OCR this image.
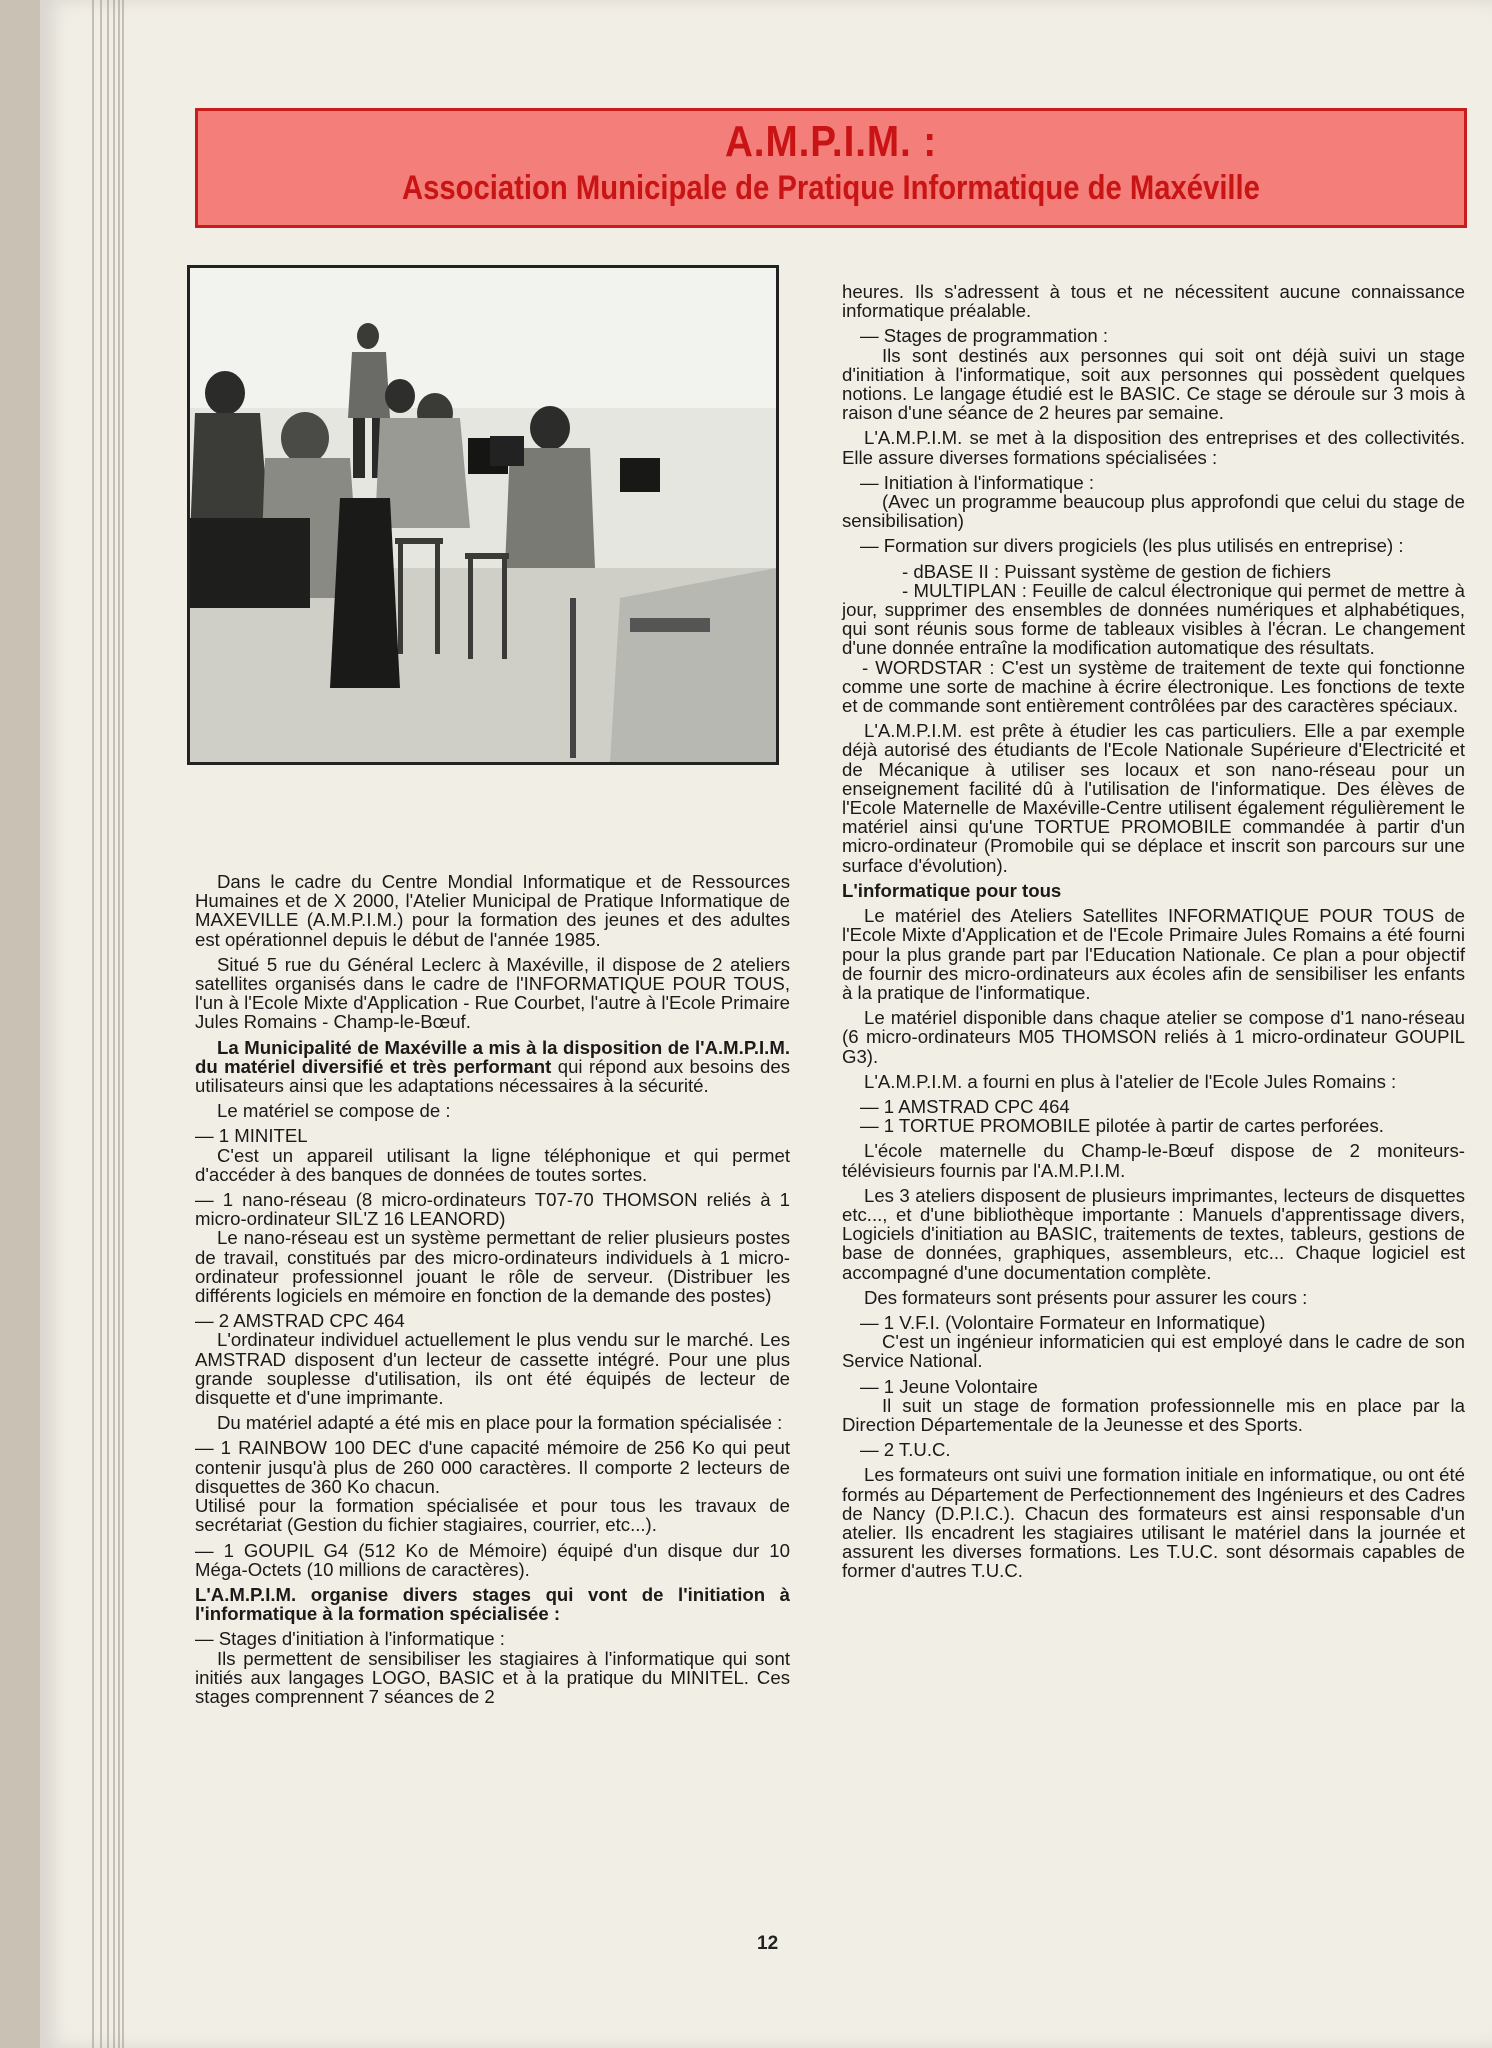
A.M.P.I.M. :
Association Municipale de Pratique Informatique de Maxéville

Dans le cadre du Centre Mondial Informatique et de Ressources Humaines et de X 2000, l'Atelier Municipal de Pratique Informatique de MAXEVILLE (A.M.P.I.M.) pour la formation des jeunes et des adultes est opérationnel depuis le début de l'année 1985.

Situé 5 rue du Général Leclerc à Maxéville, il dispose de 2 ateliers satellites organisés dans le cadre de l'INFORMATIQUE POUR TOUS, l'un à l'Ecole Mixte d'Application - Rue Courbet, l'autre à l'Ecole Primaire Jules Romains - Champ-le-Bœuf.

La Municipalité de Maxéville a mis à la disposition de l'A.M.P.I.M. du matériel diversifié et très performant qui répond aux besoins des utilisateurs ainsi que les adaptations nécessaires à la sécurité.

Le matériel se compose de :

— 1 MINITEL
C'est un appareil utilisant la ligne téléphonique et qui permet d'accéder à des banques de données de toutes sortes.

— 1 nano-réseau (8 micro-ordinateurs T07-70 THOMSON reliés à 1 micro-ordinateur SIL'Z 16 LEANORD)
Le nano-réseau est un système permettant de relier plusieurs postes de travail, constitués par des micro-ordinateurs individuels à 1 micro-ordinateur professionnel jouant le rôle de serveur. (Distribuer les différents logiciels en mémoire en fonction de la demande des postes)

— 2 AMSTRAD CPC 464
L'ordinateur individuel actuellement le plus vendu sur le marché. Les AMSTRAD disposent d'un lecteur de cassette intégré. Pour une plus grande souplesse d'utilisation, ils ont été équipés de lecteur de disquette et d'une imprimante.

Du matériel adapté a été mis en place pour la formation spécialisée :

— 1 RAINBOW 100 DEC d'une capacité mémoire de 256 Ko qui peut contenir jusqu'à plus de 260 000 caractères. Il comporte 2 lecteurs de disquettes de 360 Ko chacun.

Utilisé pour la formation spécialisée et pour tous les travaux de secrétariat (Gestion du fichier stagiaires, courrier, etc...).

— 1 GOUPIL G4 (512 Ko de Mémoire) équipé d'un disque dur 10 Méga-Octets (10 millions de caractères).

L'A.M.P.I.M. organise divers stages qui vont de l'initiation à l'informatique à la formation spécialisée :

— Stages d'initiation à l'informatique :
Ils permettent de sensibiliser les stagiaires à l'informatique qui sont initiés aux langages LOGO, BASIC et à la pratique du MINITEL. Ces stages comprennent 7 séances de 2

heures. Ils s'adressent à tous et ne nécessitent aucune connaissance informatique préalable.

— Stages de programmation :
Ils sont destinés aux personnes qui soit ont déjà suivi un stage d'initiation à l'informatique, soit aux personnes qui possèdent quelques notions. Le langage étudié est le BASIC. Ce stage se déroule sur 3 mois à raison d'une séance de 2 heures par semaine.

L'A.M.P.I.M. se met à la disposition des entreprises et des collectivités. Elle assure diverses formations spécialisées :

— Initiation à l'informatique :
(Avec un programme beaucoup plus approfondi que celui du stage de sensibilisation)

— Formation sur divers progiciels (les plus utilisés en entreprise) :

- dBASE II : Puissant système de gestion de fichiers

- MULTIPLAN : Feuille de calcul électronique qui permet de mettre à jour, supprimer des ensembles de données numériques et alphabétiques, qui sont réunis sous forme de tableaux visibles à l'écran. Le changement d'une donnée entraîne la modification automatique des résultats.

- WORDSTAR : C'est un système de traitement de texte qui fonctionne comme une sorte de machine à écrire électronique. Les fonctions de texte et de commande sont entièrement contrôlées par des caractères spéciaux.

L'A.M.P.I.M. est prête à étudier les cas particuliers. Elle a par exemple déjà autorisé des étudiants de l'Ecole Nationale Supérieure d'Electricité et de Mécanique à utiliser ses locaux et son nano-réseau pour un enseignement facilité dû à l'utilisation de l'informatique. Des élèves de l'Ecole Maternelle de Maxéville-Centre utilisent également régulièrement le matériel ainsi qu'une TORTUE PROMOBILE commandée à partir d'un micro-ordinateur (Promobile qui se déplace et inscrit son parcours sur une surface d'évolution).

L'informatique pour tous

Le matériel des Ateliers Satellites INFORMATIQUE POUR TOUS de l'Ecole Mixte d'Application et de l'Ecole Primaire Jules Romains a été fourni pour la plus grande part par l'Education Nationale. Ce plan a pour objectif de fournir des micro-ordinateurs aux écoles afin de sensibiliser les enfants à la pratique de l'informatique.

Le matériel disponible dans chaque atelier se compose d'1 nano-réseau (6 micro-ordinateurs M05 THOMSON reliés à 1 micro-ordinateur GOUPIL G3).

L'A.M.P.I.M. a fourni en plus à l'atelier de l'Ecole Jules Romains :

— 1 AMSTRAD CPC 464

— 1 TORTUE PROMOBILE pilotée à partir de cartes perforées.

L'école maternelle du Champ-le-Bœuf dispose de 2 moniteurs-télévisieurs fournis par l'A.M.P.I.M.

Les 3 ateliers disposent de plusieurs imprimantes, lecteurs de disquettes etc..., et d'une bibliothèque importante : Manuels d'apprentissage divers, Logiciels d'initiation au BASIC, traitements de textes, tableurs, gestions de base de données, graphiques, assembleurs, etc... Chaque logiciel est accompagné d'une documentation complète.

Des formateurs sont présents pour assurer les cours :

— 1 V.F.I. (Volontaire Formateur en Informatique)
C'est un ingénieur informaticien qui est employé dans le cadre de son Service National.

— 1 Jeune Volontaire
Il suit un stage de formation professionnelle mis en place par la Direction Départementale de la Jeunesse et des Sports.

— 2 T.U.C.

Les formateurs ont suivi une formation initiale en informatique, ou ont été formés au Département de Perfectionnement des Ingénieurs et des Cadres de Nancy (D.P.I.C.). Chacun des formateurs est ainsi responsable d'un atelier. Ils encadrent les stagiaires utilisant le matériel dans la journée et assurent les diverses formations. Les T.U.C. sont désormais capables de former d'autres T.U.C.

12
